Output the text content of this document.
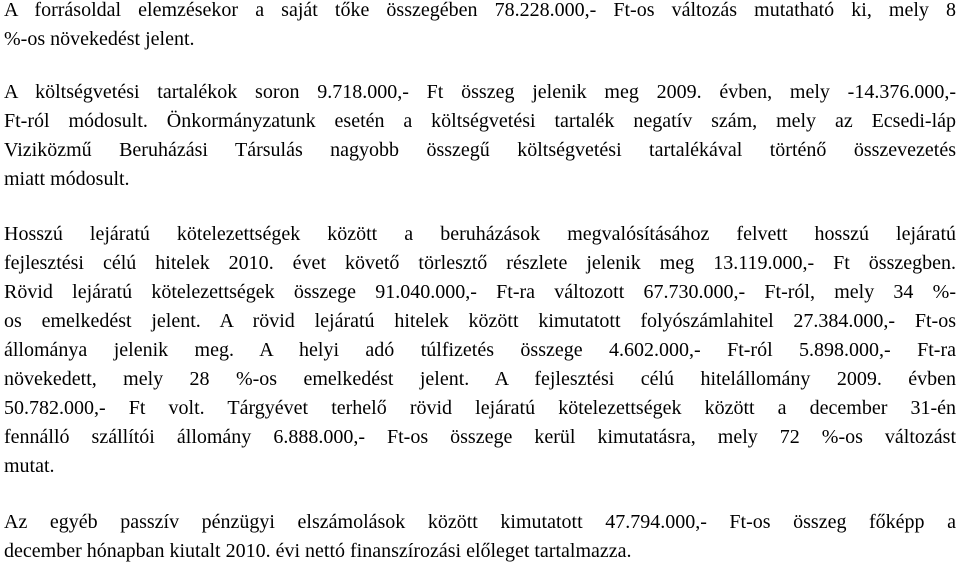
A forrásoldal elemzésekor a saját tőke összegében 78.228.000,- Ft-os változás mutatható ki, mely 8
%-os növekedést jelent.
A költségvetési tartalékok soron 9.718.000,- Ft összeg jelenik meg 2009. évben, mely -14.376.000,-
Ft-ról módosult. Önkormányzatunk esetén a költségvetési tartalék negatív szám, mely az Ecsedi-láp
Viziközmű Beruházási Társulás nagyobb összegű költségvetési tartalékával történő összevezetés
miatt módosult.
Hosszú lejáratú kötelezettségek között a beruházások megvalósításához felvett hosszú lejáratú
fejlesztési célú hitelek 2010. évet követő törlesztő részlete jelenik meg 13.119.000,- Ft összegben.
Rövid lejáratú kötelezettségek összege 91.040.000,- Ft-ra változott 67.730.000,- Ft-ról, mely 34 %-
os emelkedést jelent. A rövid lejáratú hitelek között kimutatott folyószámlahitel 27.384.000,- Ft-os
állománya jelenik meg. A helyi adó túlfizetés összege 4.602.000,- Ft-ról 5.898.000,- Ft-ra
növekedett, mely 28 %-os emelkedést jelent. A fejlesztési célú hitelállomány 2009. évben
50.782.000,- Ft volt. Tárgyévet terhelő rövid lejáratú kötelezettségek között a december 31-én
fennálló szállítói állomány 6.888.000,- Ft-os összege kerül kimutatásra, mely 72 %-os változást
mutat.
Az egyéb passzív pénzügyi elszámolások között kimutatott 47.794.000,- Ft-os összeg főképp a
december hónapban kiutalt 2010. évi nettó finanszírozási előleget tartalmazza.
